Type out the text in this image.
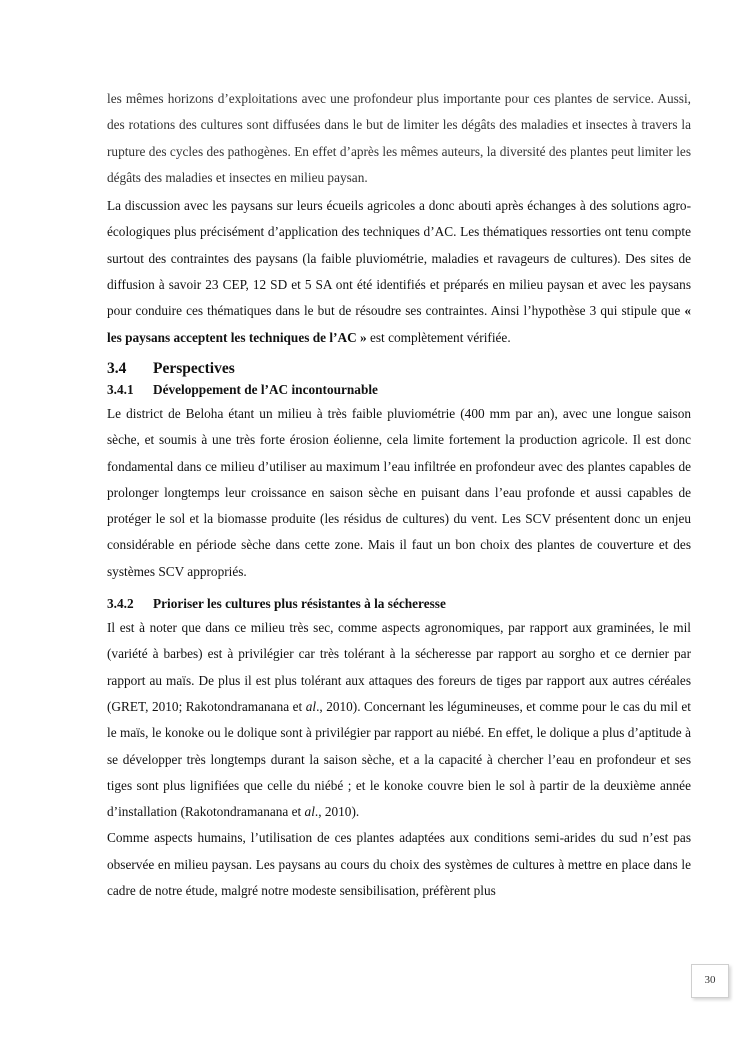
les mêmes horizons d’exploitations avec une profondeur plus importante pour ces plantes de service. Aussi, des rotations des cultures sont diffusées dans le but de limiter les dégâts des maladies et insectes à travers la rupture des cycles des pathogènes. En effet d’après les mêmes auteurs, la diversité des plantes peut limiter les dégâts des maladies et insectes en milieu paysan.

La discussion avec les paysans sur leurs écueils agricoles a donc abouti après échanges à des solutions agro-écologiques plus précisément d’application des techniques d’AC. Les thématiques ressorties ont tenu compte surtout des contraintes des paysans (la faible pluviométrie, maladies et ravageurs de cultures). Des sites de diffusion à savoir 23 CEP, 12 SD et 5 SA ont été identifiés et préparés en milieu paysan et avec les paysans pour conduire ces thématiques dans le but de résoudre ses contraintes. Ainsi l’hypothèse 3 qui stipule que « les paysans acceptent les techniques de l’AC » est complètement vérifiée.

3.4 Perspectives
3.4.1 Développement de l’AC incontournable

Le district de Beloha étant un milieu à très faible pluviométrie (400 mm par an), avec une longue saison sèche, et soumis à une très forte érosion éolienne, cela limite fortement la production agricole. Il est donc fondamental dans ce milieu d’utiliser au maximum l’eau infiltrée en profondeur avec des plantes capables de prolonger longtemps leur croissance en saison sèche en puisant dans l’eau profonde et aussi capables de protéger le sol et la biomasse produite (les résidus de cultures) du vent. Les SCV présentent donc un enjeu considérable en période sèche dans cette zone. Mais il faut un bon choix des plantes de couverture et des systèmes SCV appropriés.

3.4.2 Prioriser les cultures plus résistantes à la sécheresse

Il est à noter que dans ce milieu très sec, comme aspects agronomiques, par rapport aux graminées, le mil (variété à barbes) est à privilégier car très tolérant à la sécheresse par rapport au sorgho et ce dernier par rapport au maïs. De plus il est plus tolérant aux attaques des foreurs de tiges par rapport aux autres céréales (GRET, 2010; Rakotondramanana et al., 2010). Concernant les légumineuses, et comme pour le cas du mil et le maïs, le konoke ou le dolique sont à privilégier par rapport au niébé. En effet, le dolique a plus d’aptitude à se développer très longtemps durant la saison sèche, et a la capacité à chercher l’eau en profondeur et ses tiges sont plus lignifiées que celle du niébé ; et le konoke couvre bien le sol à partir de la deuxième année d’installation (Rakotondramanana et al., 2010).

Comme aspects humains, l’utilisation de ces plantes adaptées aux conditions semi-arides du sud n’est pas observée en milieu paysan. Les paysans au cours du choix des systèmes de cultures à mettre en place dans le cadre de notre étude, malgré notre modeste sensibilisation, préfèrent plus

30
